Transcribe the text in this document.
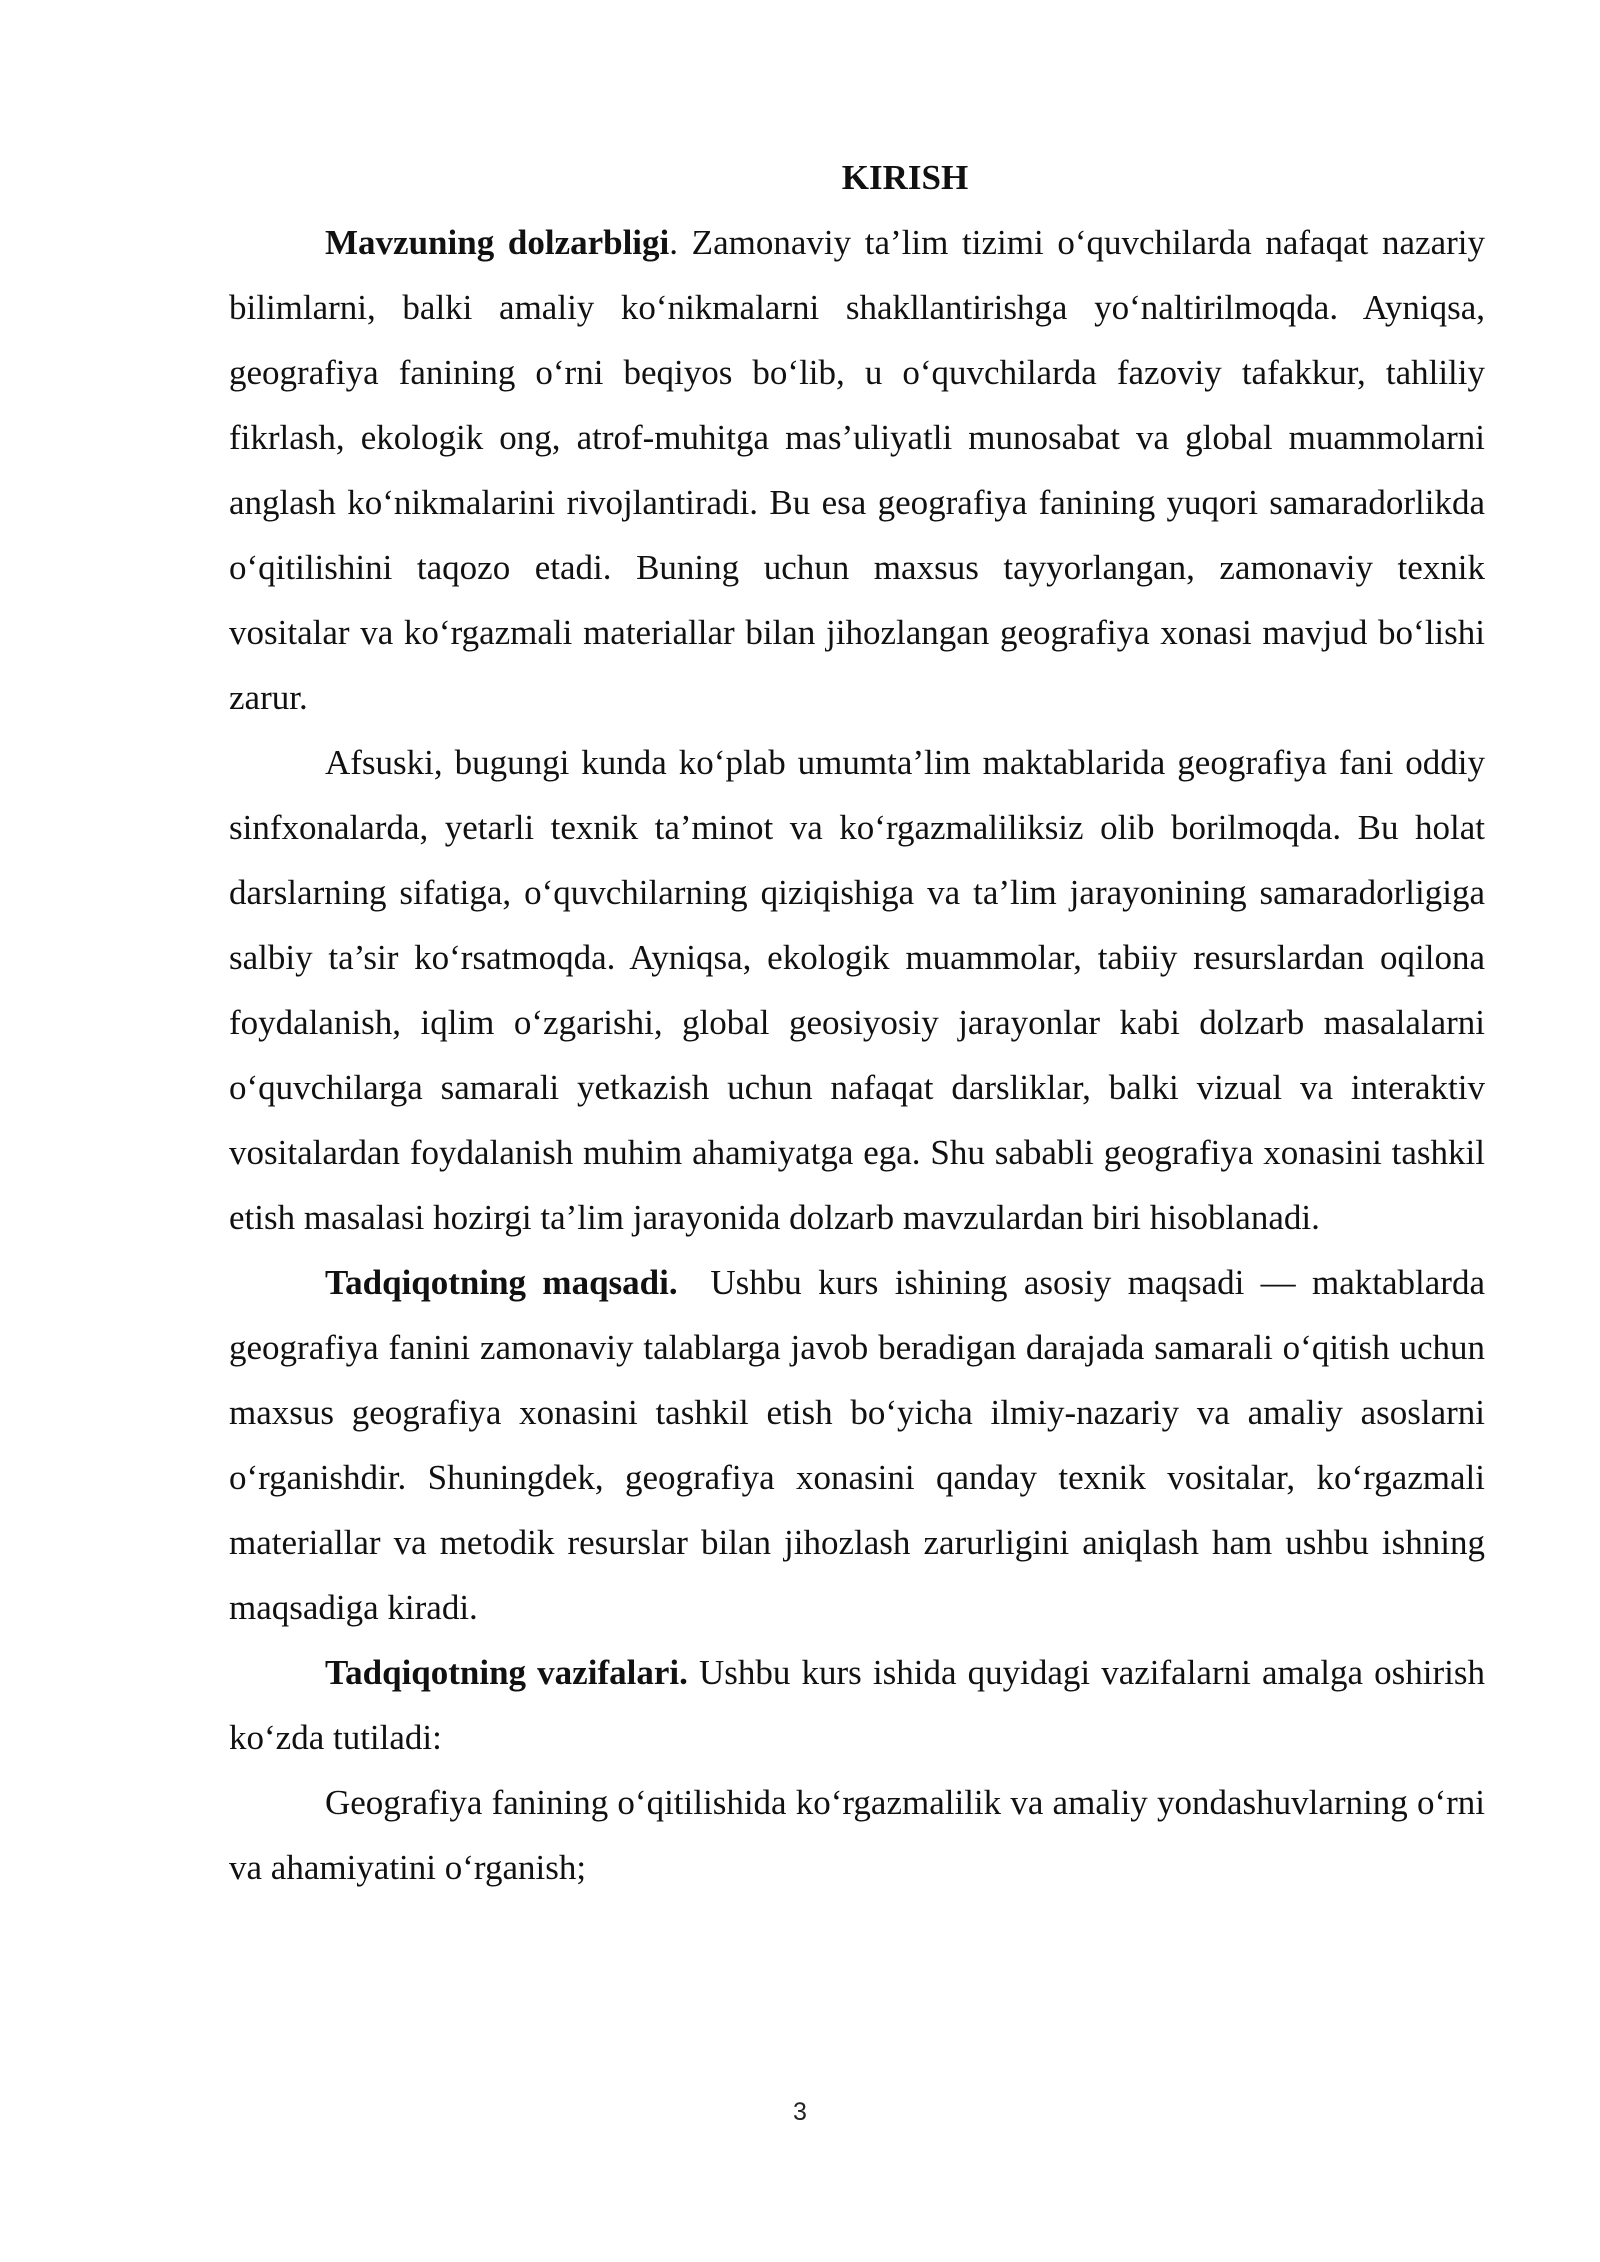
KIRISH

Mavzuning dolzarbligi. Zamonaviy ta’lim tizimi o‘quvchilarda nafaqat nazariy bilimlarni, balki amaliy ko‘nikmalarni shakllantirishga yo‘naltirilmoqda. Ayniqsa, geografiya fanining o‘rni beqiyos bo‘lib, u o‘quvchilarda fazoviy tafakkur, tahliliy fikrlash, ekologik ong, atrof-muhitga mas’uliyatli munosabat va global muammolarni anglash ko‘nikmalarini rivojlantiradi. Bu esa geografiya fanining yuqori samaradorlikda o‘qitilishini taqozo etadi. Buning uchun maxsus tayyorlangan, zamonaviy texnik vositalar va ko‘rgazmali materiallar bilan jihozlangan geografiya xonasi mavjud bo‘lishi zarur.

Afsuski, bugungi kunda ko‘plab umumta’lim maktablarida geografiya fani oddiy sinfxonalarda, yetarli texnik ta’minot va ko‘rgazmaliliksiz olib borilmoqda. Bu holat darslarning sifatiga, o‘quvchilarning qiziqishiga va ta’lim jarayonining samaradorligiga salbiy ta’sir ko‘rsatmoqda. Ayniqsa, ekologik muammolar, tabiiy resurslardan oqilona foydalanish, iqlim o‘zgarishi, global geosiyosiy jarayonlar kabi dolzarb masalalarni o‘quvchilarga samarali yetkazish uchun nafaqat darsliklar, balki vizual va interaktiv vositalardan foydalanish muhim ahamiyatga ega. Shu sababli geografiya xonasini tashkil etish masalasi hozirgi ta’lim jarayonida dolzarb mavzulardan biri hisoblanadi.

Tadqiqotning maqsadi.  Ushbu kurs ishining asosiy maqsadi — maktablarda geografiya fanini zamonaviy talablarga javob beradigan darajada samarali o‘qitish uchun maxsus geografiya xonasini tashkil etish bo‘yicha ilmiy-nazariy va amaliy asoslarni o‘rganishdir. Shuningdek, geografiya xonasini qanday texnik vositalar, ko‘rgazmali materiallar va metodik resurslar bilan jihozlash zarurligini aniqlash ham ushbu ishning maqsadiga kiradi.

Tadqiqotning vazifalari. Ushbu kurs ishida quyidagi vazifalarni amalga oshirish ko‘zda tutiladi:

Geografiya fanining o‘qitilishida ko‘rgazmalilik va amaliy yondashuvlarning o‘rni va ahamiyatini o‘rganish;

3
